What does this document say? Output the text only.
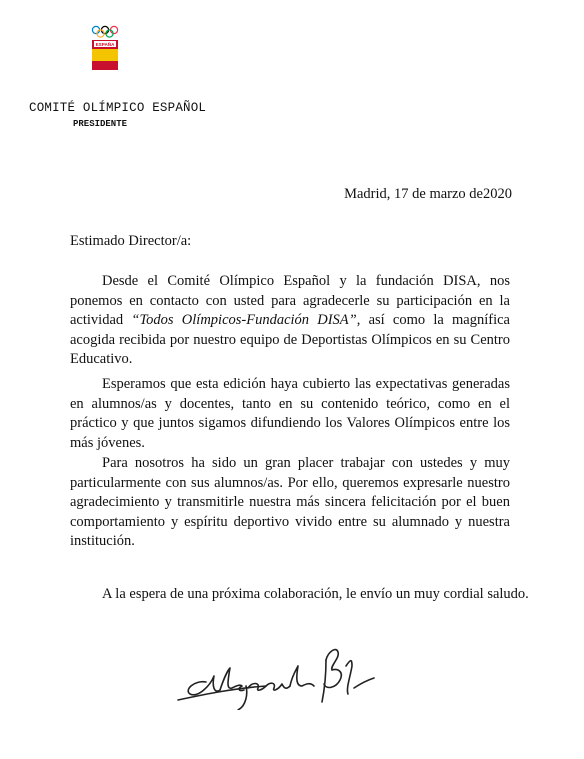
ESPAÑA
COMITÉ OLÍMPICO ESPAÑOL
PRESIDENTE
Madrid, 17 de marzo de2020
Estimado Director/a:
Desde el Comité Olímpico Español y la fundación DISA, nos ponemos en contacto con usted para agradecerle su participación en la actividad “Todos Olímpicos-Fundación DISA”, así como la magnífica acogida recibida por nuestro equipo de Deportistas Olímpicos en su Centro Educativo.
Esperamos que esta edición haya cubierto las expectativas generadas en alumnos/as y docentes, tanto en su contenido teórico, como en el práctico y que juntos sigamos difundiendo los Valores Olímpicos entre los más jóvenes.
Para nosotros ha sido un gran placer trabajar con ustedes y muy particularmente con sus alumnos/as. Por ello, queremos expresarle nuestro agradecimiento y transmitirle nuestra más sincera felicitación por el buen comportamiento y espíritu deportivo vivido entre su alumnado y nuestra institución.
A la espera de una próxima colaboración, le envío un muy cordial saludo.
